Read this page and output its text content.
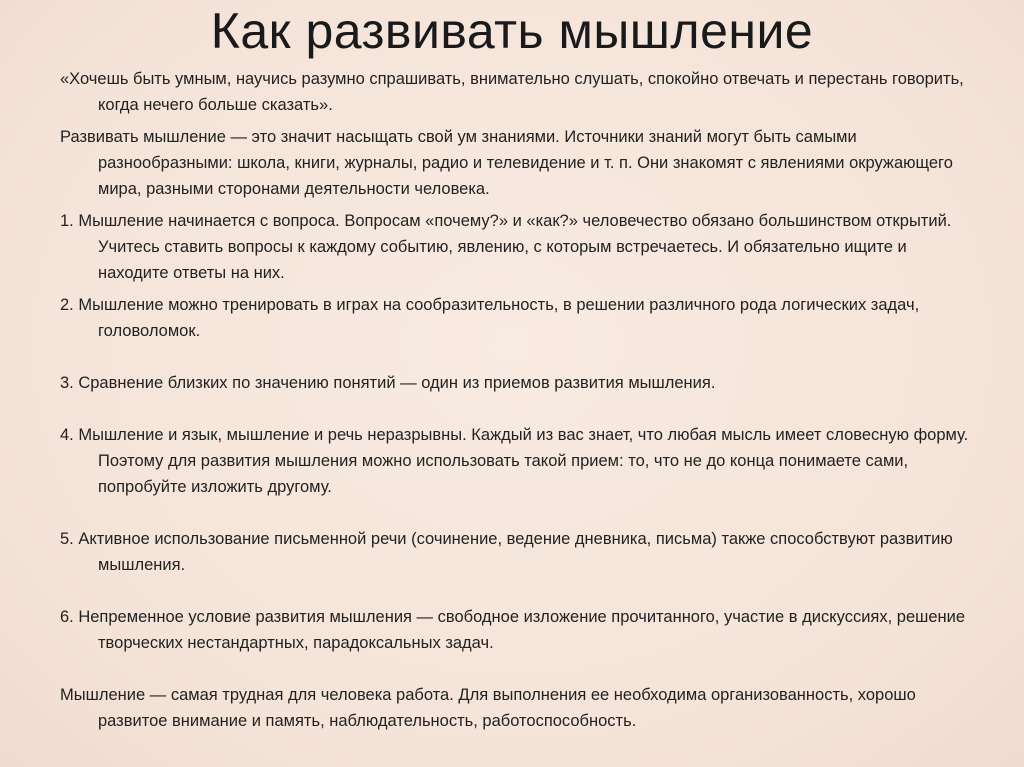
Как развивать мышление

«Хочешь быть умным, научись разумно спрашивать, внимательно слушать, спокойно отвечать и перестань говорить, когда нечего больше сказать».

Развивать мышление — это значит насыщать свой ум знаниями. Источники знаний могут быть самыми разнообразными: школа, книги, журналы, радио и телевидение и т. п. Они знакомят с явлениями окружающего мира, разными сторонами деятельности человека.

1. Мышление начинается с вопроса. Вопросам «почему?» и «как?» человечество обязано большинством открытий. Учитесь ставить вопросы к каждому событию, явлению, с которым встречаетесь. И обязательно ищите и находите ответы на них.

2. Мышление можно тренировать в играх на сообразительность, в решении различного рода логических задач, головоломок.

3. Сравнение близких по значению понятий — один из приемов развития мышления.

4. Мышление и язык, мышление и речь неразрывны. Каждый из вас знает, что любая мысль имеет словесную форму. Поэтому для развития мышления можно использовать такой прием: то, что не до конца понимаете сами, попробуйте изложить другому.

5. Активное использование письменной речи (сочинение, ведение дневника, письма) также способствуют развитию мышления.

6. Непременное условие развития мышления — свободное изложение прочитанного, участие в дискуссиях, решение творческих нестандартных, парадоксальных задач.

Мышление — самая трудная для человека работа. Для выполнения ее необходима организованность, хорошо развитое внимание и память, наблюдательность, работоспособность.
